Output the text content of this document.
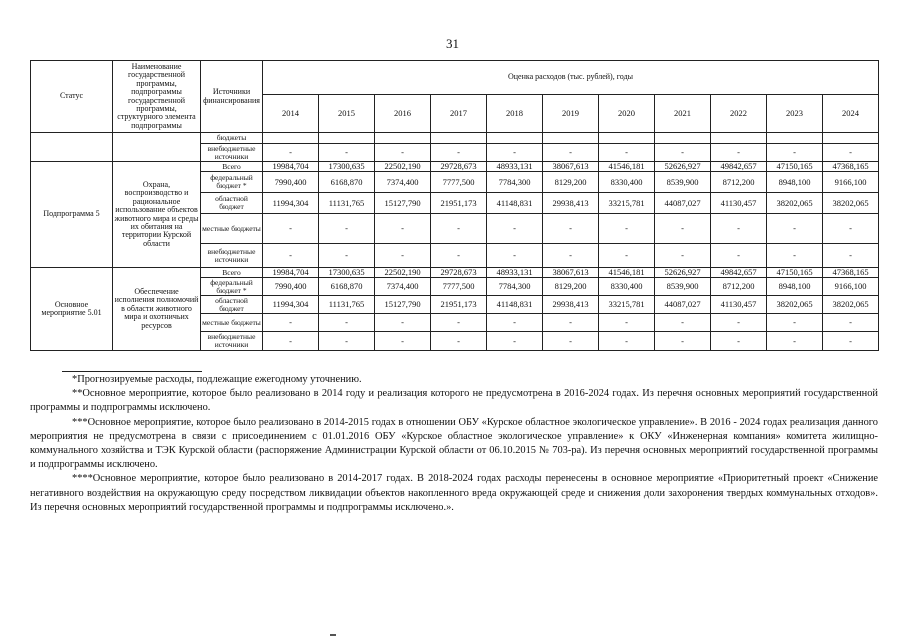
31
Статус	Наименование государственной программы, подпрограммы государственной программы, структурного элемента подпрограммы	Источники финансирования	Оценка расходов (тыс. рублей), годы										
			2014	2015	2016	2017	2018	2019	2020	2021	2022	2023	2024
		бюджеты											
		внебюджетные источники	-	-	-	-	-	-	-	-	-	-	-
Подпрограмма 5	Охрана, воспроизводство и рациональное использование объектов животного мира и среды их обитания на территории Курской области	Всего	19984,704	17300,635	22502,190	29728,673	48933,131	38067,613	41546,181	52626,927	49842,657	47150,165	47368,165
		федеральный бюджет *	7990,400	6168,870	7374,400	7777,500	7784,300	8129,200	8330,400	8539,900	8712,200	8948,100	9166,100
		областной бюджет	11994,304	11131,765	15127,790	21951,173	41148,831	29938,413	33215,781	44087,027	41130,457	38202,065	38202,065
		местные бюджеты	-	-	-	-	-	-	-	-	-	-	-
		внебюджетные источники	-	-	-	-	-	-	-	-	-	-	-
Основное мероприятие 5.01	Обеспечение исполнения полномочий в области животного мира и охотничьих ресурсов	Всего	19984,704	17300,635	22502,190	29728,673	48933,131	38067,613	41546,181	52626,927	49842,657	47150,165	47368,165
		федеральный бюджет *	7990,400	6168,870	7374,400	7777,500	7784,300	8129,200	8330,400	8539,900	8712,200	8948,100	9166,100
		областной бюджет	11994,304	11131,765	15127,790	21951,173	41148,831	29938,413	33215,781	44087,027	41130,457	38202,065	38202,065
		местные бюджеты	-	-	-	-	-	-	-	-	-	-	-
		внебюджетные источники	-	-	-	-	-	-	-	-	-	-	-

*Прогнозируемые расходы, подлежащие ежегодному уточнению.

**Основное мероприятие, которое было реализовано в 2014 году и реализация которого не предусмотрена в 2016-2024 годах. Из перечня основных мероприятий государственной программы и подпрограммы исключено.

***Основное мероприятие, которое было реализовано в 2014-2015 годах в отношении ОБУ «Курское областное экологическое управление». В 2016 - 2024 годах реализация данного мероприятия не предусмотрена в связи с присоединением с 01.01.2016 ОБУ «Курское областное экологическое управление» к ОКУ «Инженерная компания» комитета жилищно-коммунального хозяйства и ТЭК Курской области (распоряжение Администрации Курской области от 06.10.2015 № 703-ра). Из перечня основных мероприятий государственной программы и подпрограммы исключено.

****Основное мероприятие, которое было реализовано в 2014-2017 годах. В 2018-2024 годах расходы перенесены в основное мероприятие «Приоритетный проект «Снижение негативного воздействия на окружающую среду посредством ликвидации объектов накопленного вреда окружающей среде и снижения доли захоронения твердых коммунальных отходов». Из перечня основных мероприятий государственной программы и подпрограммы исключено.».
